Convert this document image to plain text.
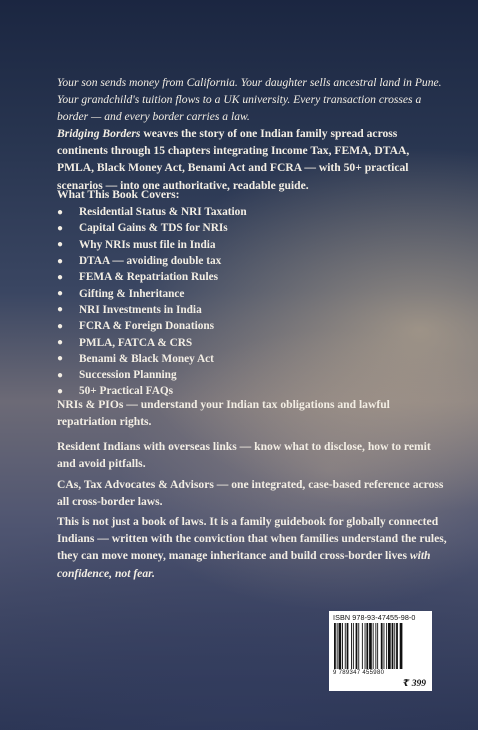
Your son sends money from California. Your daughter sells ancestral land in Pune. Your grandchild's tuition flows to a UK university. Every transaction crosses a border — and every border carries a law.

Bridging Borders weaves the story of one Indian family spread across continents through 15 chapters integrating Income Tax, FEMA, DTAA, PMLA, Black Money Act, Benami Act and FCRA — with 50+ practical scenarios — into one authoritative, readable guide.

What This Book Covers:
●	Residential Status & NRI Taxation
●	Capital Gains & TDS for NRIs
●	Why NRIs must file in India
●	DTAA — avoiding double tax
●	FEMA & Repatriation Rules
●	Gifting & Inheritance
●	NRI Investments in India
●	FCRA & Foreign Donations
●	PMLA, FATCA & CRS
●	Benami & Black Money Act
●	Succession Planning
●	50+ Practical FAQs

NRIs & PIOs — understand your Indian tax obligations and lawful repatriation rights.

Resident Indians with overseas links — know what to disclose, how to remit and avoid pitfalls.

CAs, Tax Advocates & Advisors — one integrated, case-based reference across all cross-border laws.

This is not just a book of laws. It is a family guidebook for globally connected Indians — written with the conviction that when families understand the rules, they can move money, manage inheritance and build cross-border lives with confidence, not fear.

ISBN 978-93-47455-98-0
9 789347 455980
₹ 399
